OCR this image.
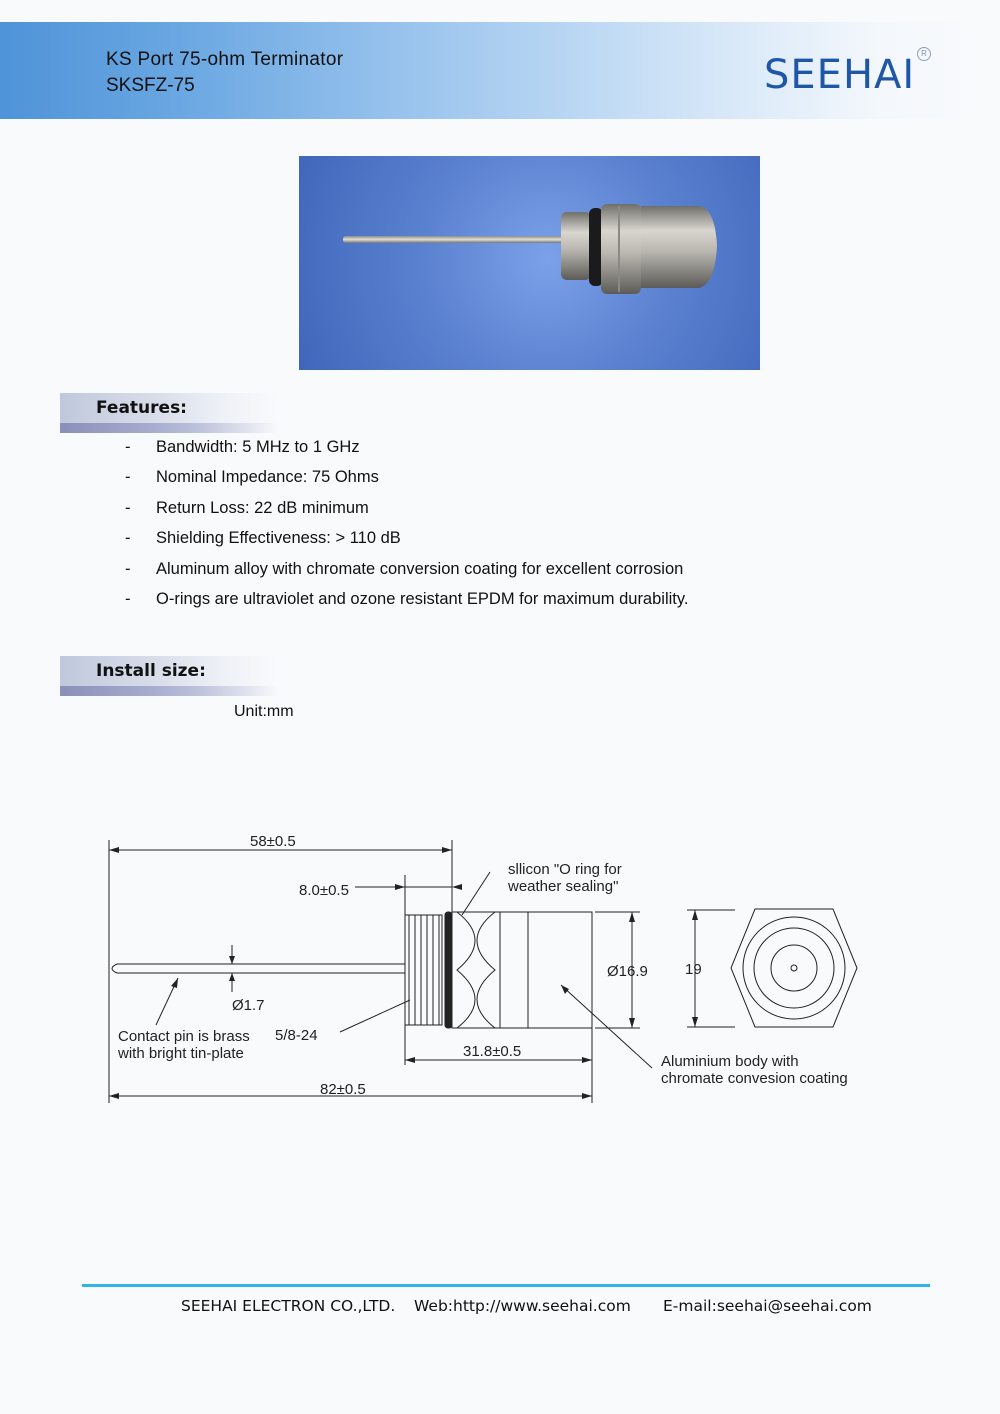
KS Port 75-ohm Terminator
SKSFZ-75	SEEHAI R
Features:
-	Bandwidth: 5 MHz to 1 GHz
-	Nominal Impedance: 75 Ohms
-	Return Loss: 22 dB minimum
-	Shielding Effectiveness: > 110 dB
-	Aluminum alloy with chromate conversion coating for excellent corrosion
-	O-rings are ultraviolet and ozone resistant EPDM for maximum durability.
Install size:
Unit:mm
58±0.5
8.0±0.5
sllicon "O ring for
weather sealing"
Ø1.7
Ø16.9 19
5/8-24
Contact pin is brass
with bright tin-plate	31.8±0.5
82±0.5
Aluminium body with
chromate convesion coating
SEEHAI ELECTRON CO.,LTD. Web:http://www.seehai.com E-mail:seehai@seehai.com
